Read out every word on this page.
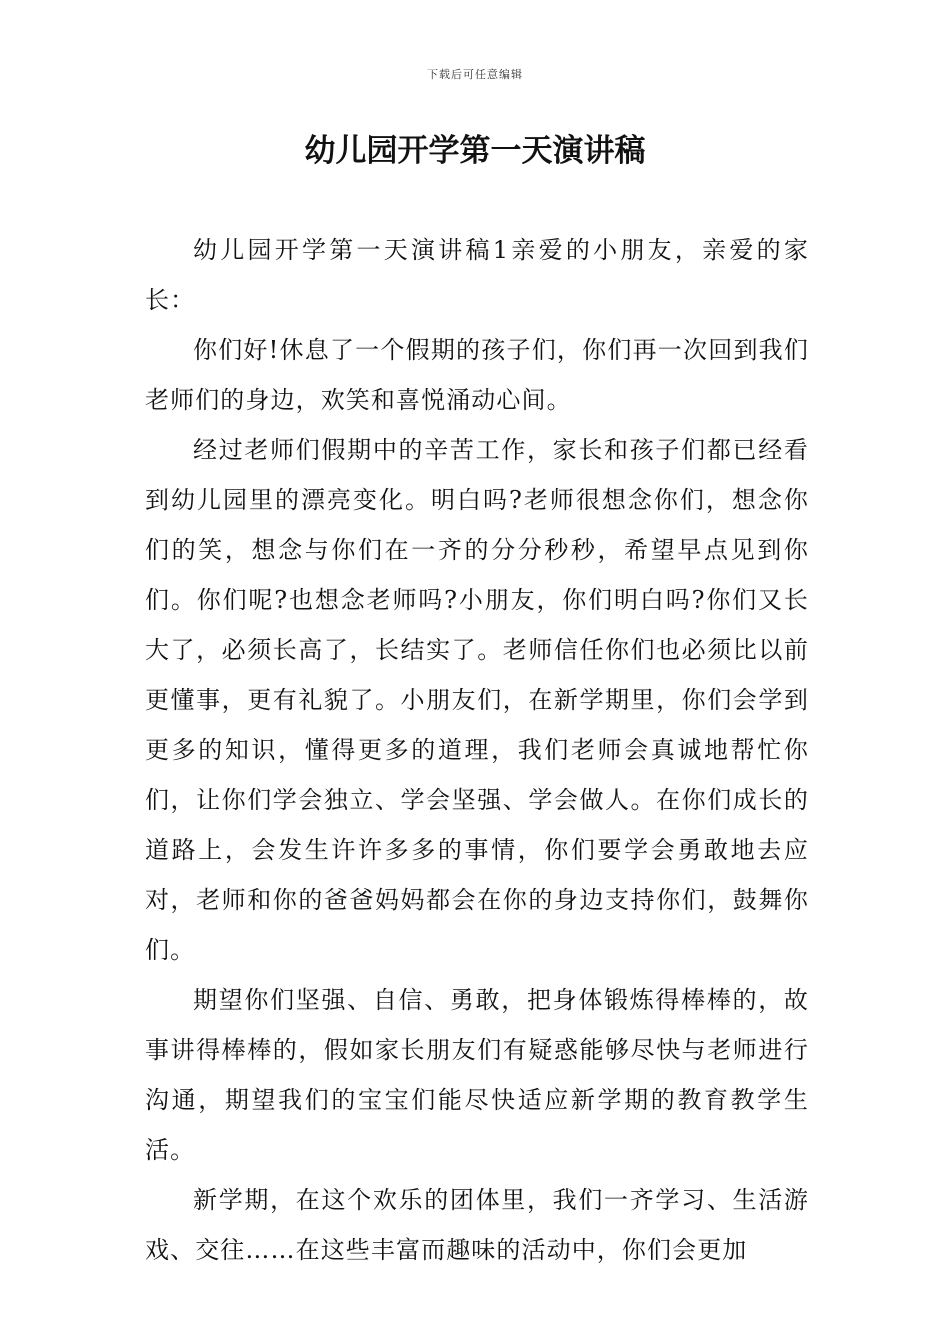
下载后可任意编辑
幼儿园开学第一天演讲稿

幼儿园开学第一天演讲稿1亲爱的小朋友，亲爱的家长：

你们好!休息了一个假期的孩子们，你们再一次回到我们老师们的身边，欢笑和喜悦涌动心间。

经过老师们假期中的辛苦工作，家长和孩子们都已经看到幼儿园里的漂亮变化。明白吗?老师很想念你们，想念你们的笑，想念与你们在一齐的分分秒秒，希望早点见到你们。你们呢?也想念老师吗?小朋友，你们明白吗?你们又长大了，必须长高了，长结实了。老师信任你们也必须比以前更懂事，更有礼貌了。小朋友们，在新学期里，你们会学到更多的知识，懂得更多的道理，我们老师会真诚地帮忙你们，让你们学会独立、学会坚强、学会做人。在你们成长的道路上，会发生许许多多的事情，你们要学会勇敢地去应对，老师和你的爸爸妈妈都会在你的身边支持你们，鼓舞你们。

期望你们坚强、自信、勇敢，把身体锻炼得棒棒的，故事讲得棒棒的，假如家长朋友们有疑惑能够尽快与老师进行沟通，期望我们的宝宝们能尽快适应新学期的教育教学生活。

新学期，在这个欢乐的团体里，我们一齐学习、生活游戏、交往……在这些丰富而趣味的活动中，你们会更加
